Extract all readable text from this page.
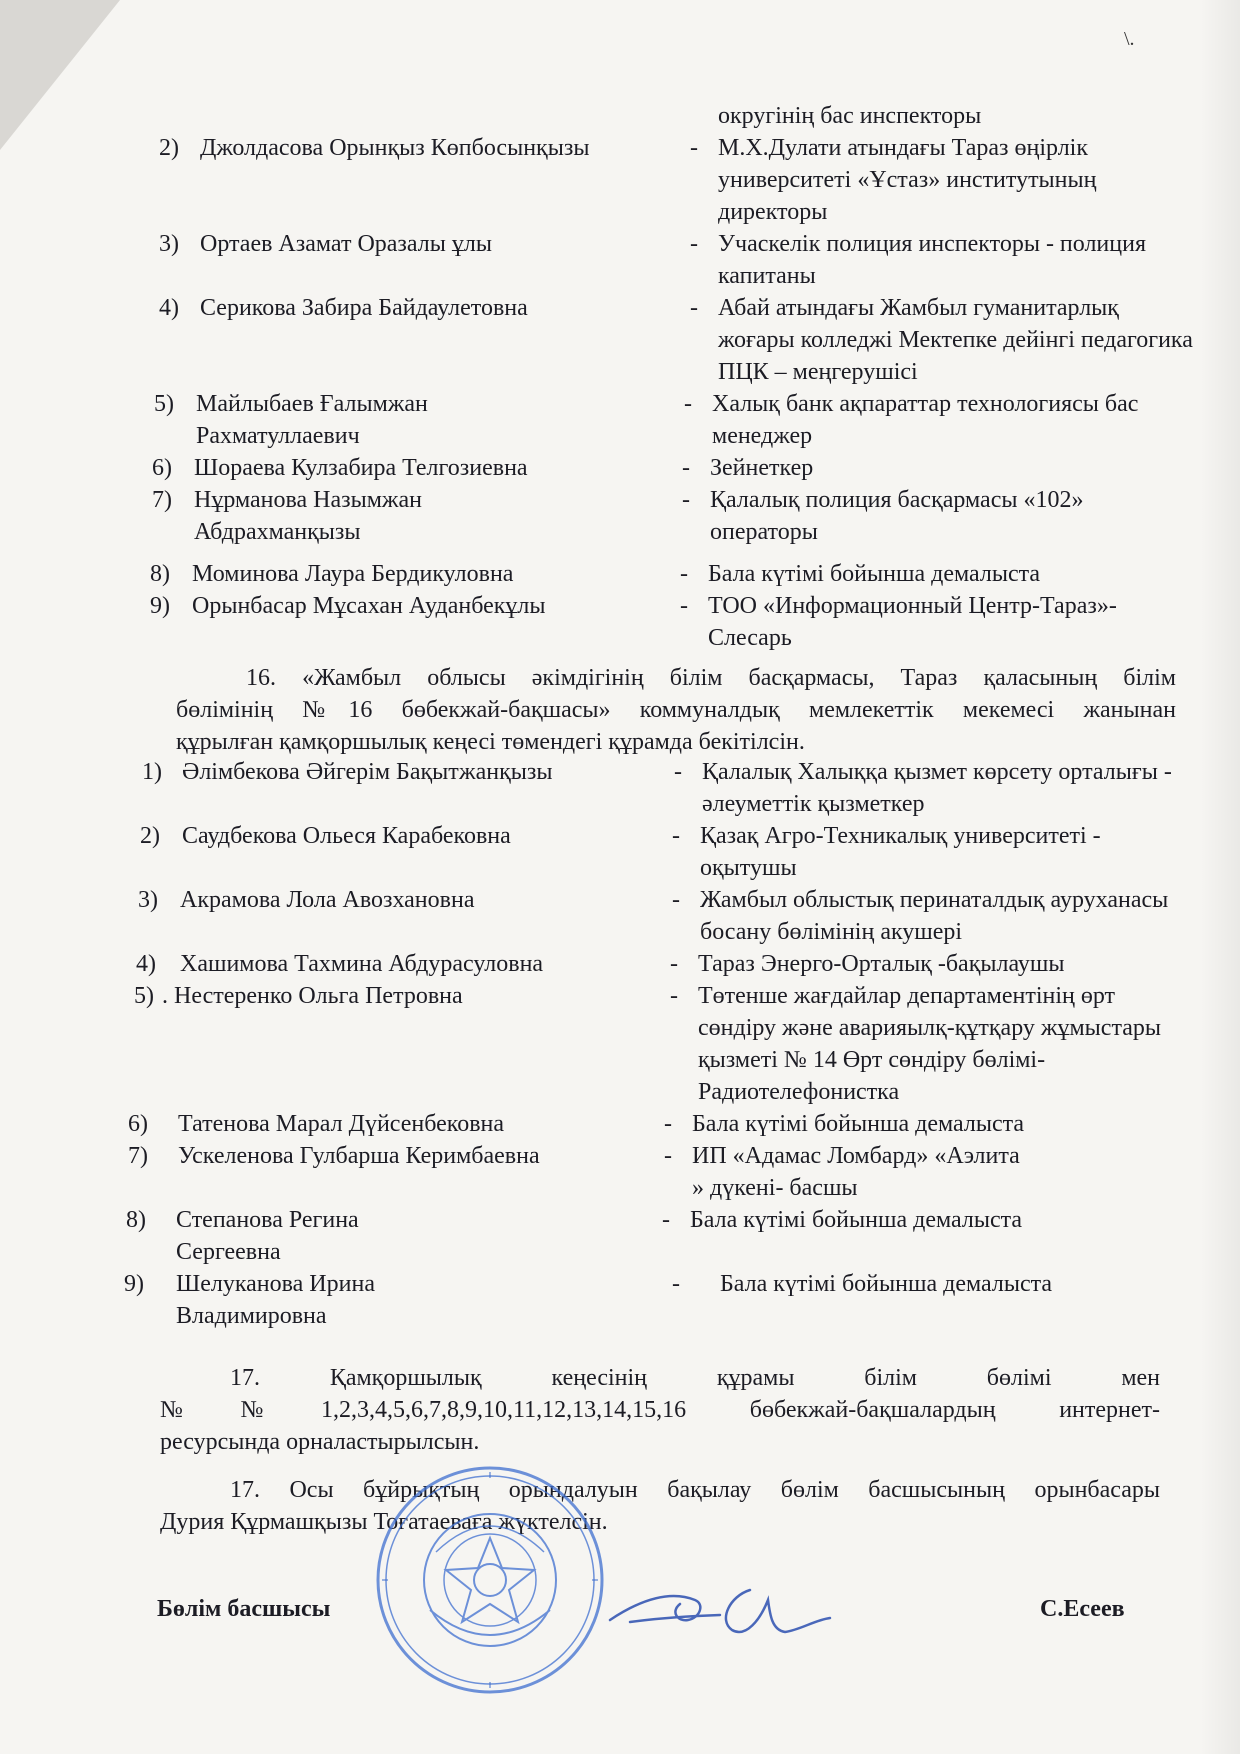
\.
округінің бас инспекторы
2) Джолдасова Орынқыз Көпбосынқызы	- М.Х.Дулати атындағы Тараз өңірлік университеті «Ұстаз» институтының директоры
3) Ортаев Азамат Оразалы ұлы	- Учаскелік полиция инспекторы - полиция капитаны
4) Серикова Забира Байдаулетовна	- Абай атындағы Жамбыл гуманитарлық жоғары колледжі Мектепке дейінгі педагогика ПЦК – меңгерушісі
5) Майлыбаев Ғалымжан Рахматуллаевич
- Халық банк ақпараттар технологиясы бас менеджер
6) Шораева Кулзабира Телгозиевна	- Зейнеткер
7) Нұрманова Назымжан Абдрахманқызы
- Қалалық полиция басқармасы «102» операторы
8) Моминова Лаура Бердикуловна	- Бала күтімі бойынша демалыста
9) Орынбасар Мұсахан Ауданбекұлы	- ТОО «Информационный Центр-Тараз»- Слесарь
16. «Жамбыл облысы әкімдігінің білім басқармасы, Тараз қаласының білім
бөлімінің №16 бөбекжай-бақшасы» коммуналдық мемлекеттік мекемесі жанынан
құрылған қамқоршылық кеңесі төмендегі құрамда бекітілсін.
1) Әлімбекова Әйгерім Бақытжанқызы	- Қалалық Халыққа қызмет көрсету орталығы - әлеуметтік қызметкер
2) Саудбекова Ольеся Карабековна	- Қазақ Агро-Техникалық университеті - оқытушы
3) Акрамова Лола Авозхановна	- Жамбыл облыстық перинаталдық ауруханасы босану бөлімінің акушері
4) Хашимова Тахмина Абдурасуловна	- Тараз Энерго-Орталық -бақылаушы
5) . Нестеренко Ольга Петровна	- Төтенше жағдайлар департаментінің өрт сөндіру және аварияылқ-құтқару жұмыстары қызметі № 14 Өрт сөндіру бөлімі- Радиотелефонистка
6) Татенова Марал Дүйсенбековна	- Бала күтімі бойынша демалыста
7) Ускеленова Гулбарша Керимбаевна	- ИП «Адамас Ломбард» «Аэлита » дүкені- басшы
8) Степанова Регина Сергеевна
- Бала күтімі бойынша демалыста
9) Шелуканова Ирина Владимировна
- Бала күтімі бойынша демалыста
17. Қамқоршылық кеңесінің құрамы білім бөлімі мен
№№1,2,3,4,5,6,7,8,9,10,11,12,13,14,15,16 бөбекжай-бақшалардың интернет-
ресурсында орналастырылсын.
17. Осы бұйрықтың орындалуын бақылау бөлім басшысының орынбасары
Дурия Құрмашқызы Тоғатаеваға жүктелсін.
Бөлім басшысы	С.Есеев
